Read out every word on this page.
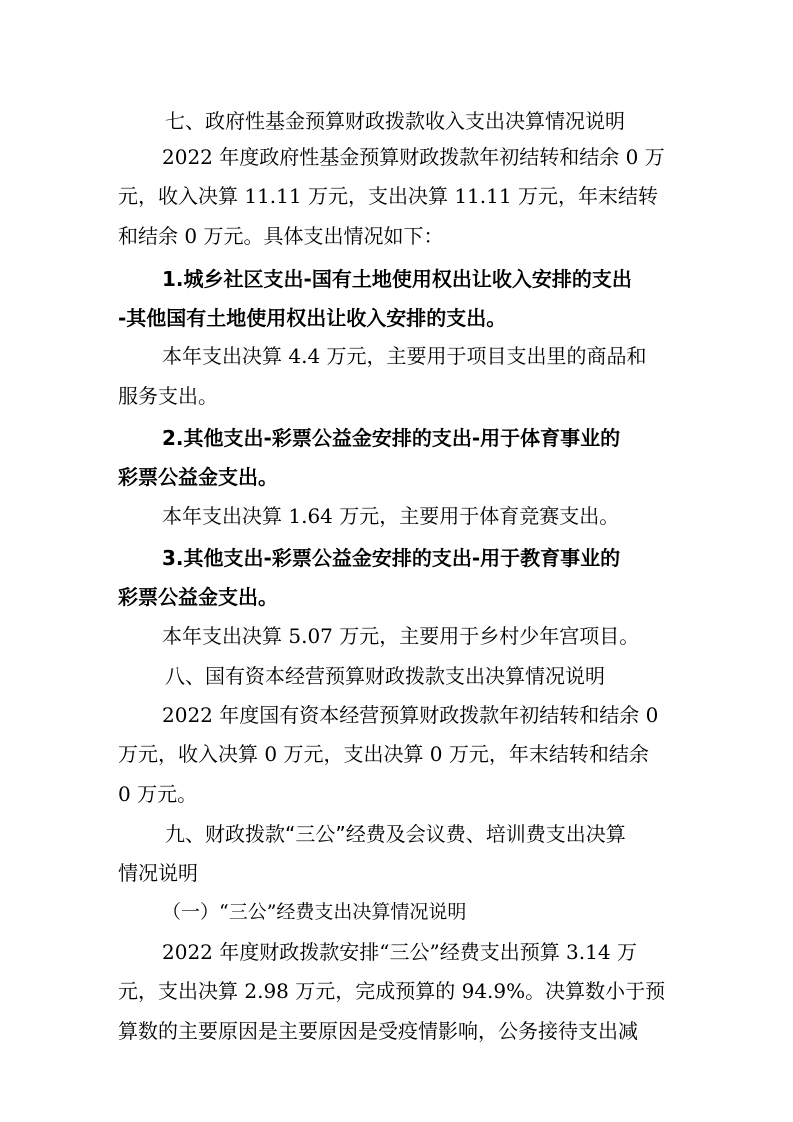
七、政府性基金预算财政拨款收入支出决算情况说明
2022 年度政府性基金预算财政拨款年初结转和结余 0 万
元，收入决算 11.11 万元，支出决算 11.11 万元，年末结转
和结余 0 万元。具体支出情况如下：
1.城乡社区支出-国有土地使用权出让收入安排的支出
-其他国有土地使用权出让收入安排的支出。
本年支出决算 4.4 万元，主要用于项目支出里的商品和
服务支出。
2.其他支出-彩票公益金安排的支出-用于体育事业的
彩票公益金支出。
本年支出决算 1.64 万元，主要用于体育竞赛支出。
3.其他支出-彩票公益金安排的支出-用于教育事业的
彩票公益金支出。
本年支出决算 5.07 万元，主要用于乡村少年宫项目。
八、国有资本经营预算财政拨款支出决算情况说明
2022 年度国有资本经营预算财政拨款年初结转和结余 0
万元，收入决算 0 万元，支出决算 0 万元，年末结转和结余
0 万元。
九、财政拨款“三公”经费及会议费、培训费支出决算
情况说明
（一）“三公”经费支出决算情况说明
2022 年度财政拨款安排“三公”经费支出预算 3.14 万
元，支出决算 2.98 万元，完成预算的 94.9%。决算数小于预
算数的主要原因是主要原因是受疫情影响，公务接待支出减
